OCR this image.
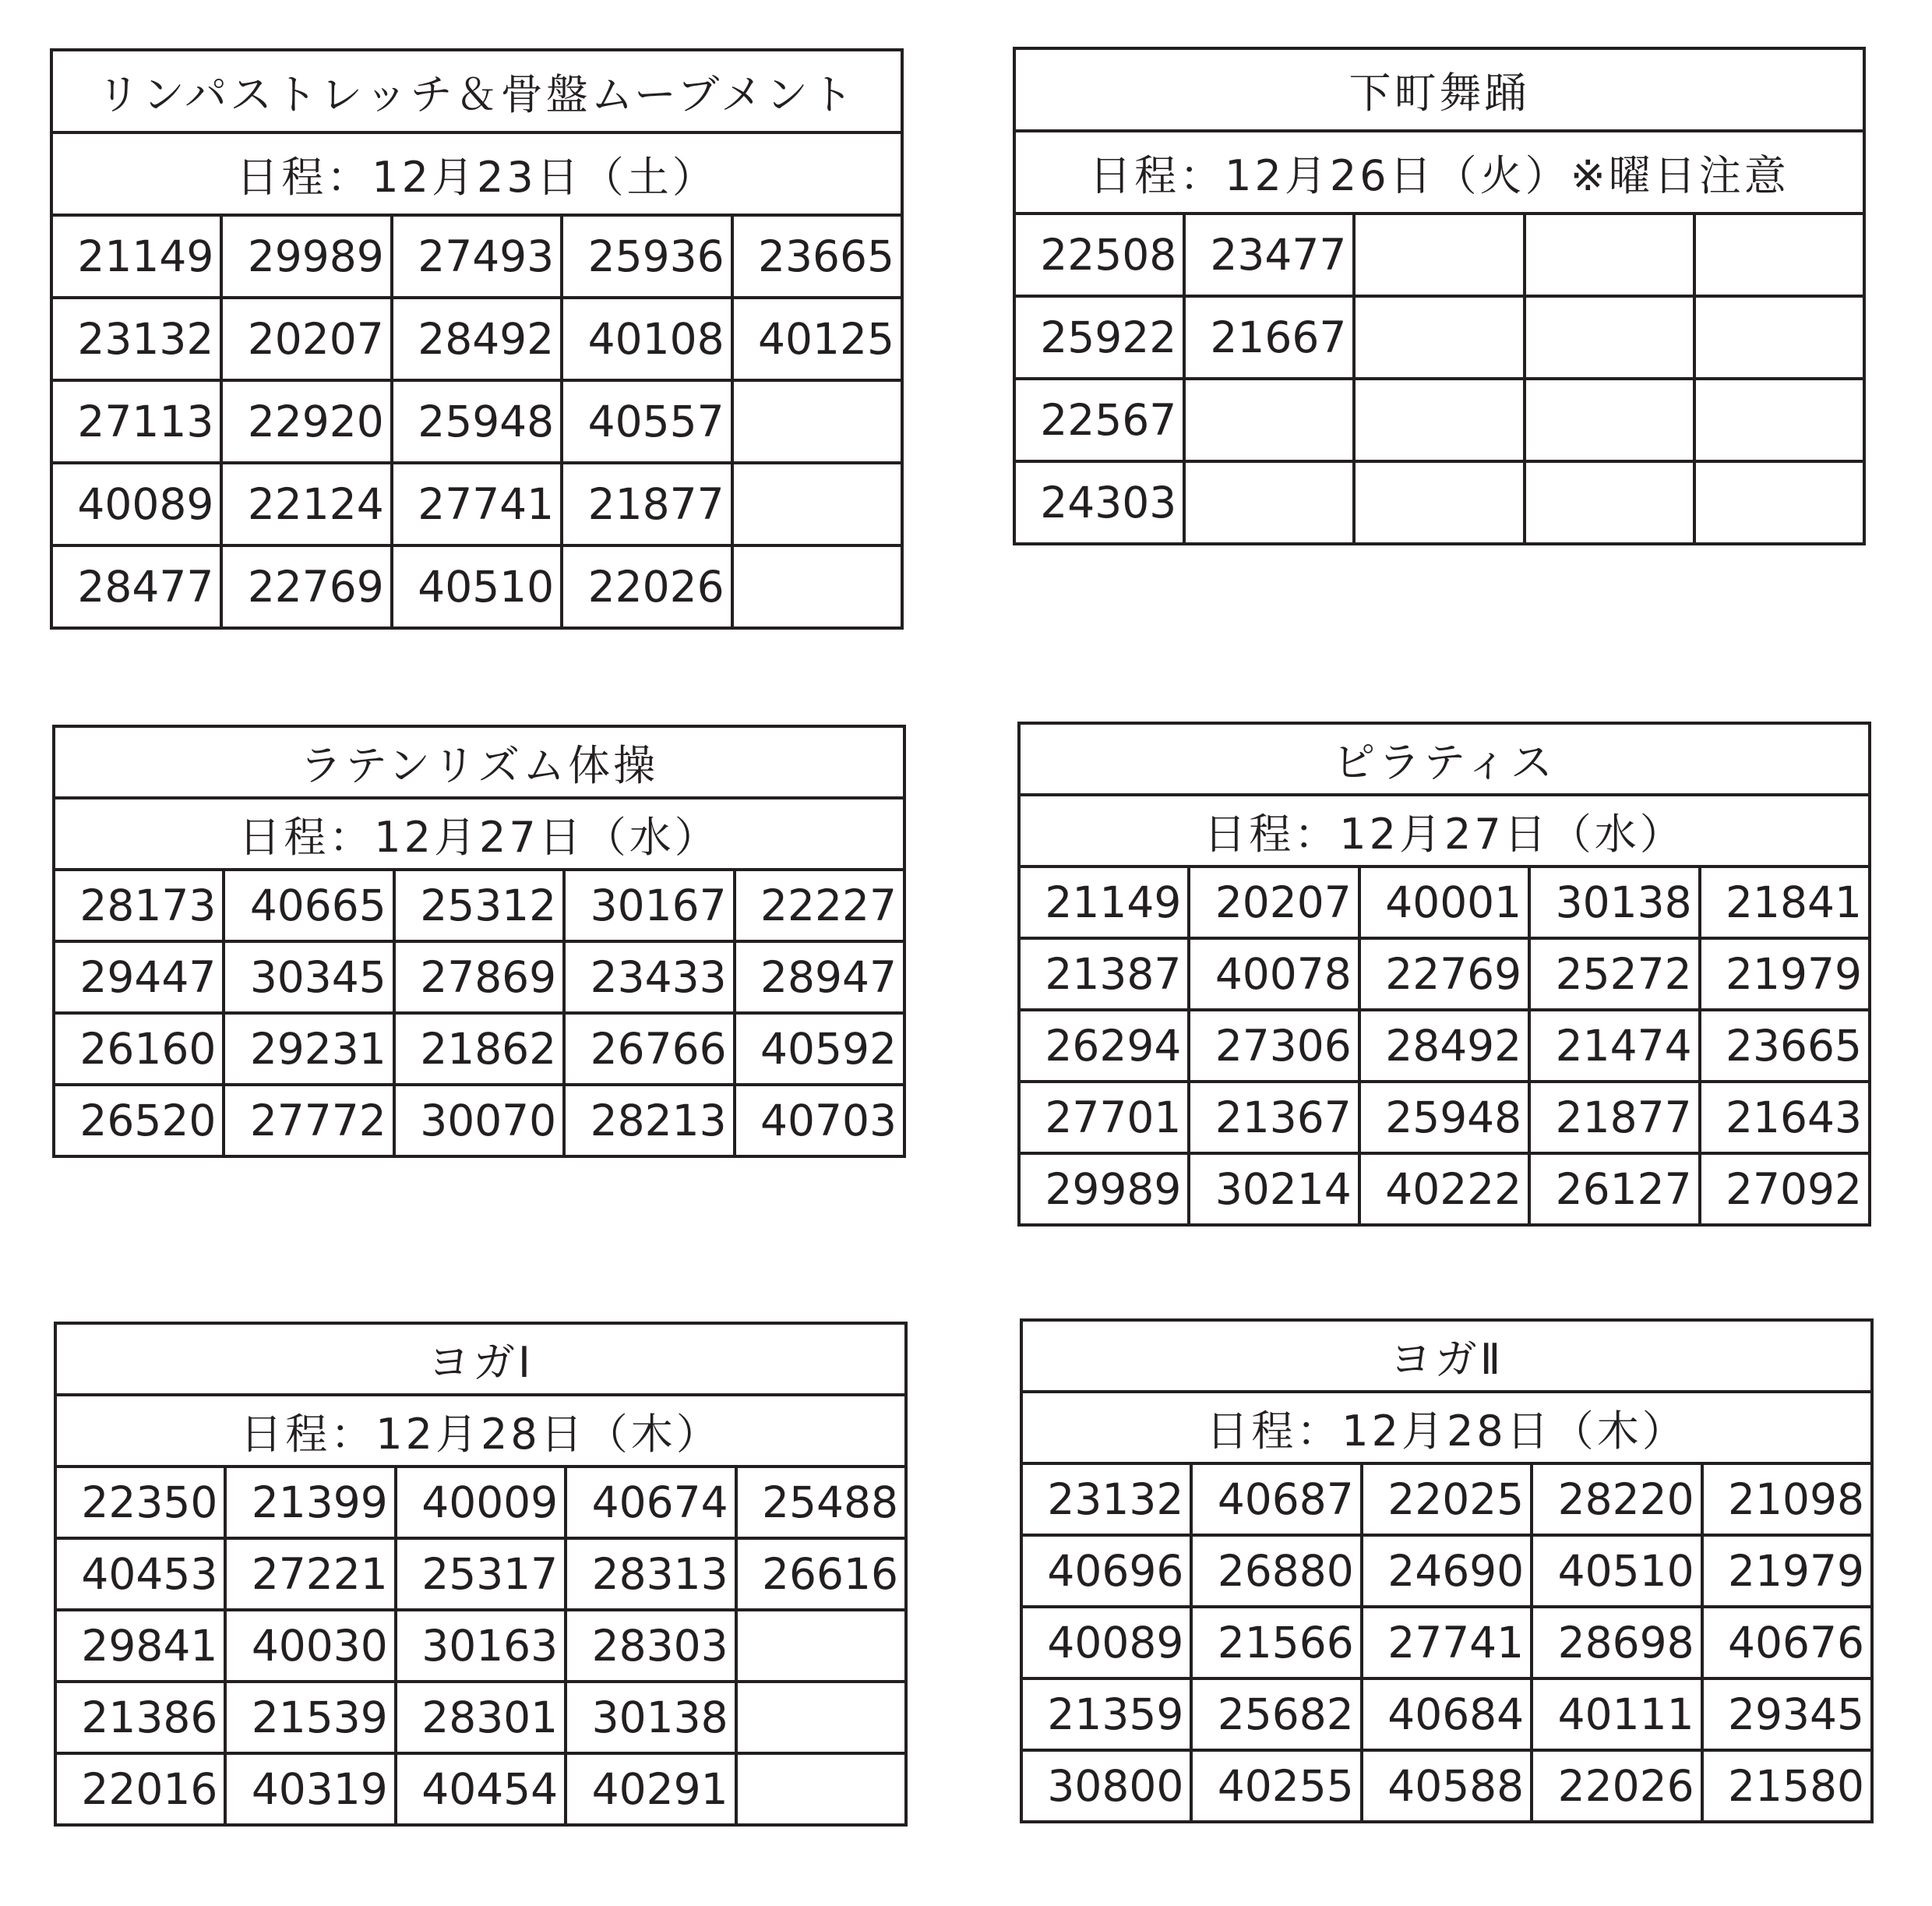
リンパストレッチ＆骨盤ムーブメント				
日程：12月23日（土）				
21149	29989	27493	25936	23665
23132	20207	28492	40108	40125
27113	22920	25948	40557	
40089	22124	27741	21877	
28477	22769	40510	22026	
下町舞踊				
日程：12月26日（火）※曜日注意				
22508	23477			
25922	21667			
22567				
24303				
ラテンリズム体操				
日程：12月27日（水）				
28173	40665	25312	30167	22227
29447	30345	27869	23433	28947
26160	29231	21862	26766	40592
26520	27772	30070	28213	40703
ピラティス				
日程：12月27日（水）				
21149	20207	40001	30138	21841
21387	40078	22769	25272	21979
26294	27306	28492	21474	23665
27701	21367	25948	21877	21643
29989	30214	40222	26127	27092
ヨガⅠ				
日程：12月28日（木）				
22350	21399	40009	40674	25488
40453	27221	25317	28313	26616
29841	40030	30163	28303	
21386	21539	28301	30138	
22016	40319	40454	40291	
ヨガⅡ				
日程：12月28日（木）				
23132	40687	22025	28220	21098
40696	26880	24690	40510	21979
40089	21566	27741	28698	40676
21359	25682	40684	40111	29345
30800	40255	40588	22026	21580
